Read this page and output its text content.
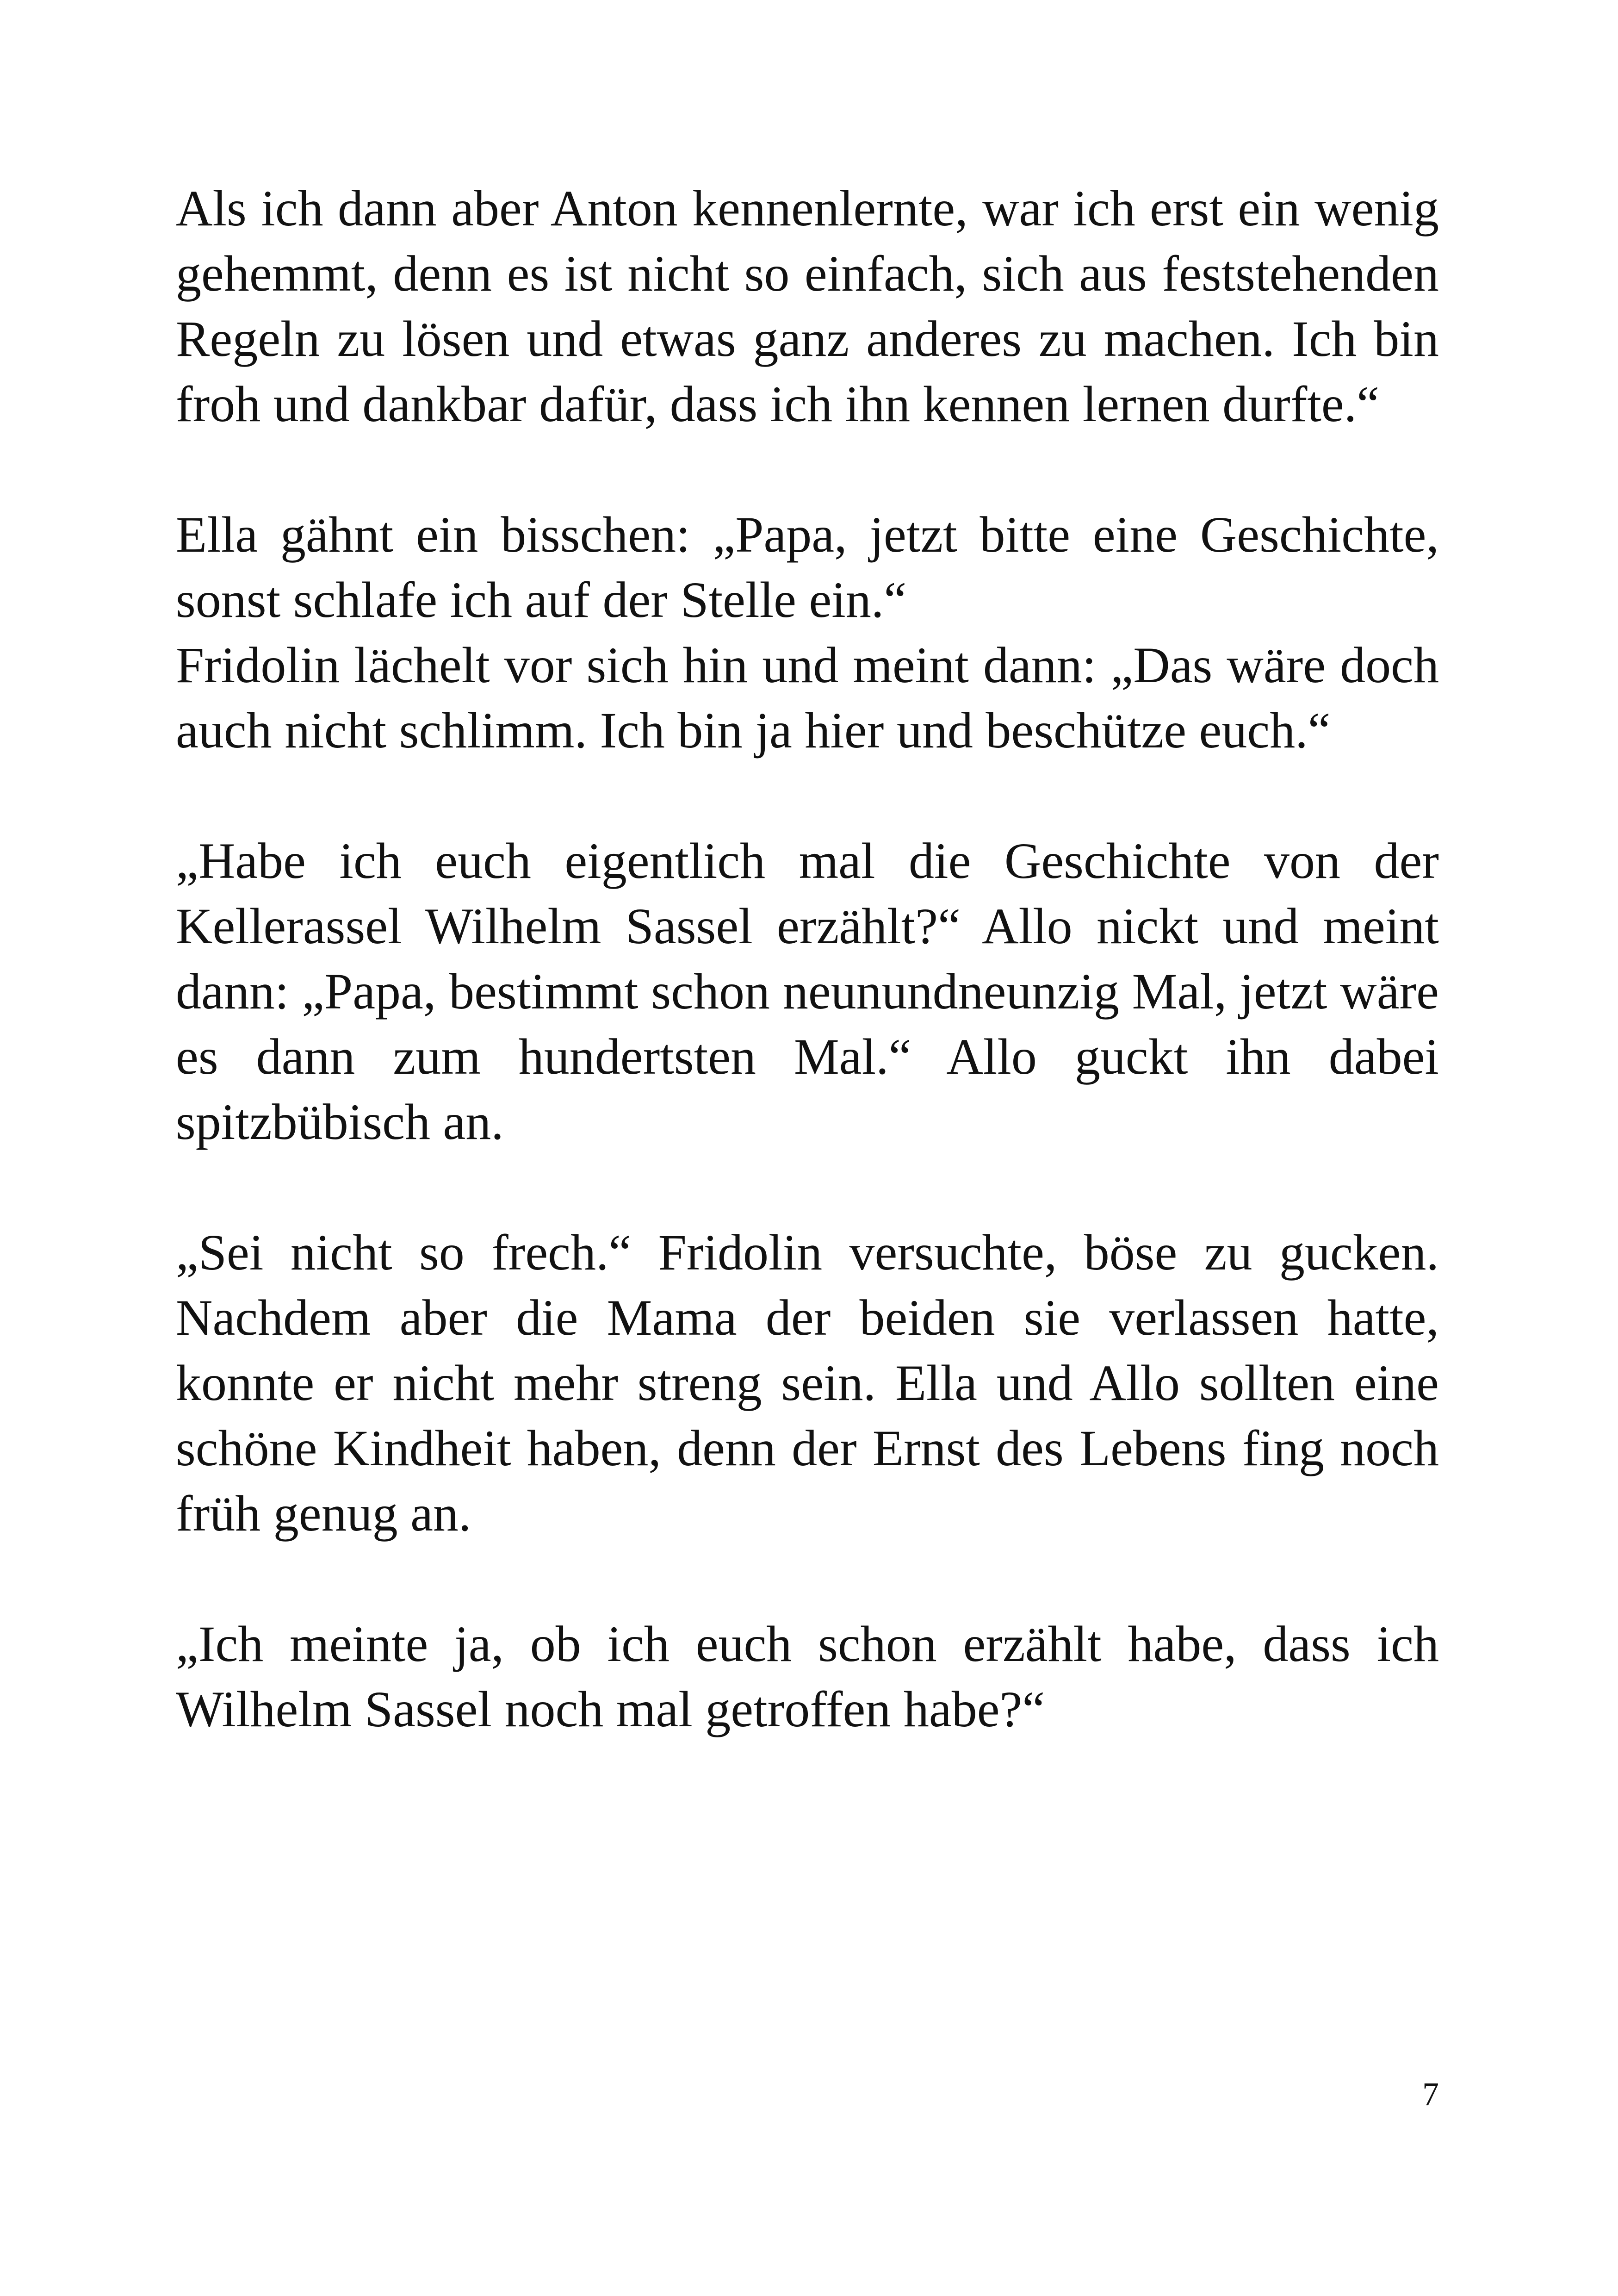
Als ich dann aber Anton kennenlernte, war ich erst ein wenig gehemmt, denn es ist nicht so einfach, sich aus feststehenden Regeln zu lösen und etwas ganz anderes zu machen. Ich bin froh und dankbar dafür, dass ich ihn kennen lernen durfte.“

Ella gähnt ein bisschen: „Papa, jetzt bitte eine Geschichte, sonst schlafe ich auf der Stelle ein.“

Fridolin lächelt vor sich hin und meint dann: „Das wäre doch auch nicht schlimm. Ich bin ja hier und beschütze euch.“

„Habe ich euch eigentlich mal die Geschichte von der Kellerassel Wilhelm Sassel erzählt?“ Allo nickt und meint dann: „Papa, bestimmt schon neunundneunzig Mal, jetzt wäre es dann zum hundertsten Mal.“ Allo guckt ihn dabei spitzbübisch an.

„Sei nicht so frech.“ Fridolin versuchte, böse zu gucken. Nachdem aber die Mama der beiden sie verlassen hatte, konnte er nicht mehr streng sein. Ella und Allo sollten eine schöne Kindheit haben, denn der Ernst des Lebens fing noch früh genug an.

„Ich meinte ja, ob ich euch schon erzählt habe, dass ich Wilhelm Sassel noch mal getroffen habe?“

7
